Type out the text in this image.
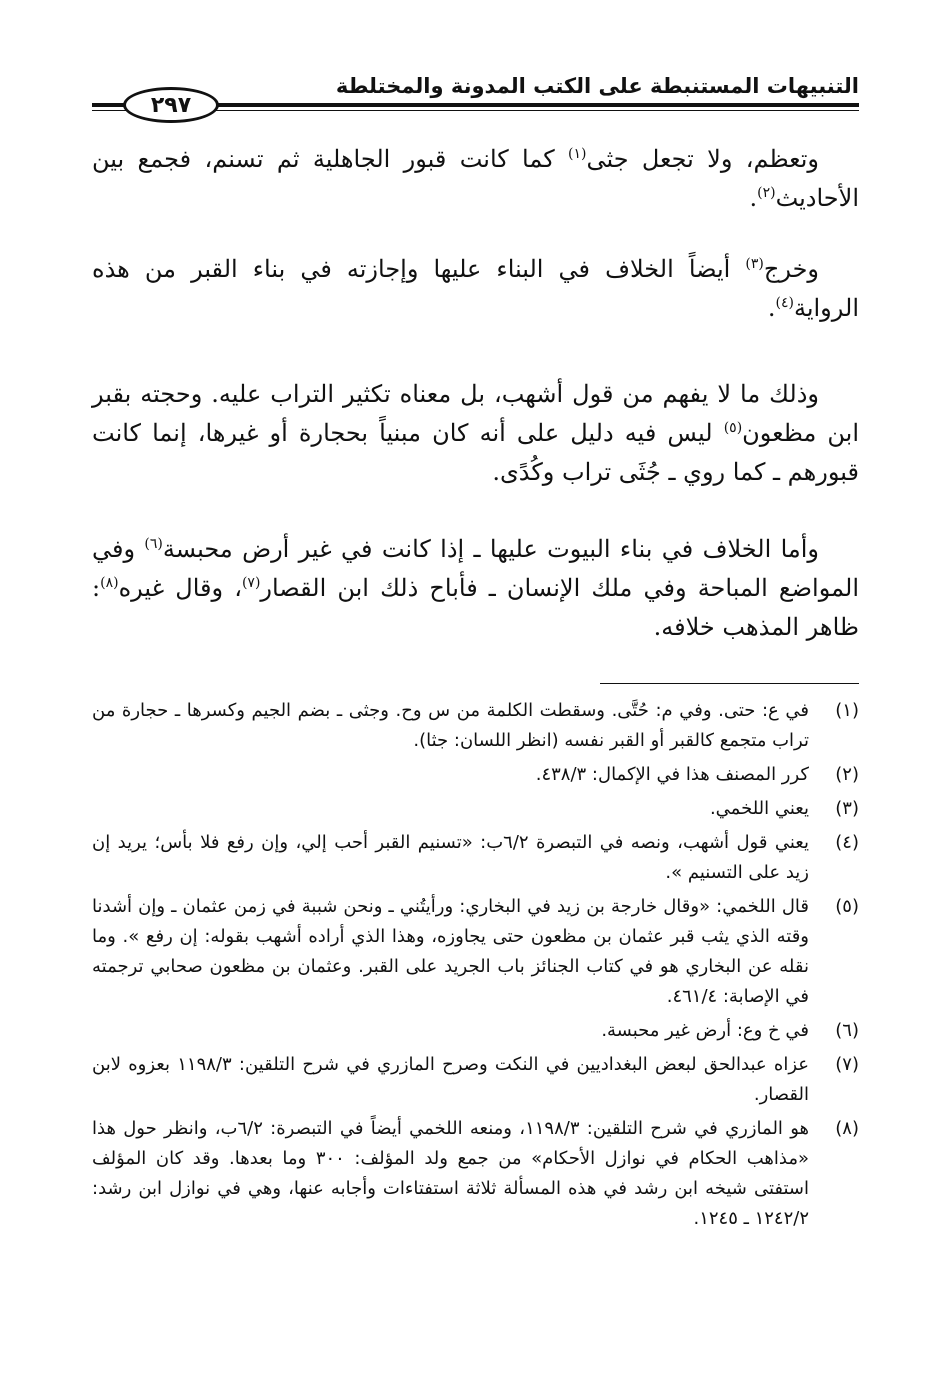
التنبيهات المستنبطة على الكتب المدونة والمختلطة
٢٩٧

وتعظم، ولا تجعل جثى$^{(١)}$ كما كانت قبور الجاهلية ثم تسنم، فجمع بين الأحاديث$^{(٢)}$.

وخرج$^{(٣)}$ أيضاً الخلاف في البناء عليها وإجازته في بناء القبر من هذه الرواية$^{(٤)}$.

وذلك ما لا يفهم من قول أشهب، بل معناه تكثير التراب عليه. وحجته بقبر ابن مظعون$^{(٥)}$ ليس فيه دليل على أنه كان مبنياً بحجارة أو غيرها، إنما كانت قبورهم ـ كما روي ـ جُثَى تراب وكُدًى.

وأما الخلاف في بناء البيوت عليها ـ إذا كانت في غير أرض محبسة$^{(٦)}$ وفي المواضع المباحة وفي ملك الإنسان ـ فأباح ذلك ابن القصار$^{(٧)}$، وقال غيره$^{(٨)}$: ظاهر المذهب خلافه.

(١)
في ع: حتى. وفي م: حُتَّى. وسقطت الكلمة من س وح. وجثى ـ بضم الجيم وكسرها ـ حجارة من تراب متجمع كالقبر أو القبر نفسه (انظر اللسان: جثا).
(٢)
كرر المصنف هذا في الإكمال: ٤٣٨/٣.
(٣)
يعني اللخمي.
(٤)
يعني قول أشهب، ونصه في التبصرة ٦/٢ب: «تسنيم القبر أحب إلي، وإن رفع فلا بأس؛ يريد إن زيد على التسنيم ».
(٥)
قال اللخمي: «وقال خارجة بن زيد في البخاري: ورأيتُني ـ ونحن شببة في زمن عثمان ـ وإن أشدنا وقته الذي يثب قبر عثمان بن مظعون حتى يجاوزه، وهذا الذي أراده أشهب بقوله: إن رفع ». وما نقله عن البخاري هو في كتاب الجنائز باب الجريد على القبر. وعثمان بن مظعون صحابي ترجمته في الإصابة: ٤٦١/٤.
(٦)
في خ وع: أرض غير محبسة.
(٧)
عزاه عبدالحق لبعض البغداديين في النكت وصرح المازري في شرح التلقين: ١١٩٨/٣ بعزوه لابن القصار.
(٨)
هو المازري في شرح التلقين: ١١٩٨/٣، ومنعه اللخمي أيضاً في التبصرة: ٦/٢ب، وانظر حول هذا «مذاهب الحكام في نوازل الأحكام» من جمع ولد المؤلف: ٣٠٠ وما بعدها. وقد كان المؤلف استفتى شيخه ابن رشد في هذه المسألة ثلاثة استفتاءات وأجابه عنها، وهي في نوازل ابن رشد: ١٢٤٢/٢ ـ ١٢٤٥.
